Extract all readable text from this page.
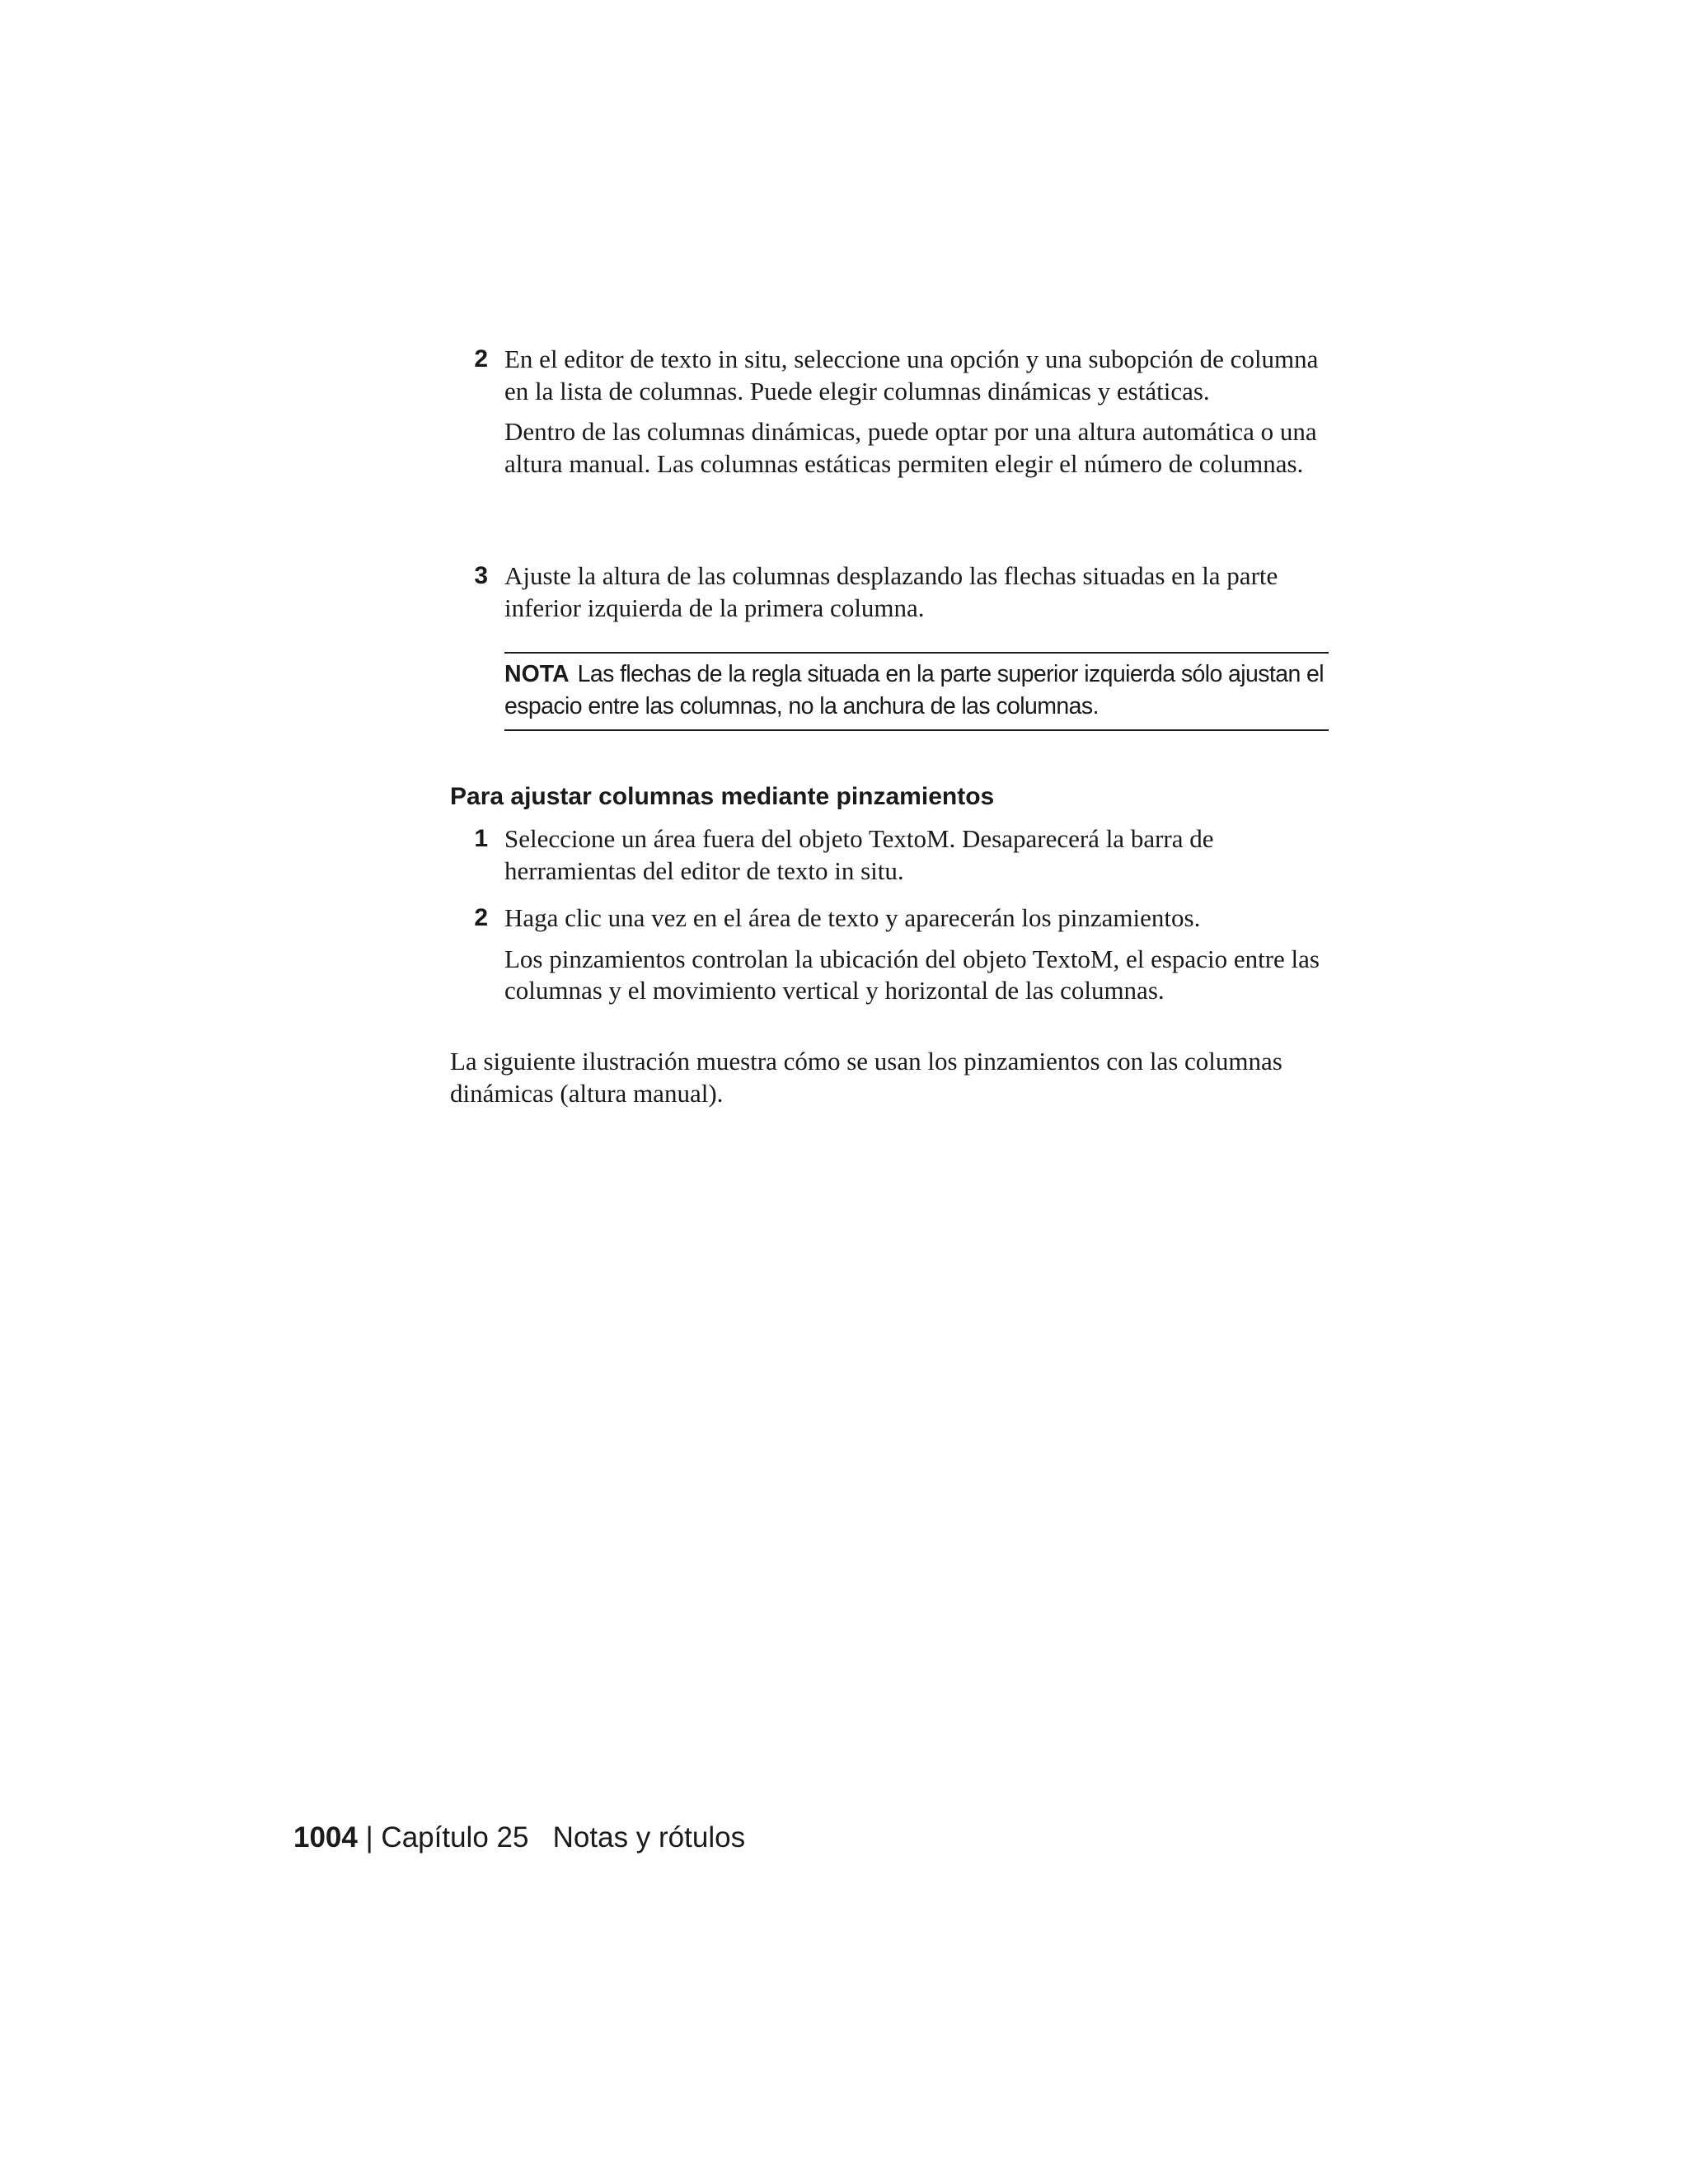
2 En el editor de texto in situ, seleccione una opción y una subopción de columna en la lista de columnas. Puede elegir columnas dinámicas y estáticas.

Dentro de las columnas dinámicas, puede optar por una altura automática o una altura manual. Las columnas estáticas permiten elegir el número de columnas.

3 Ajuste la altura de las columnas desplazando las flechas situadas en la parte inferior izquierda de la primera columna.

NOTA Las flechas de la regla situada en la parte superior izquierda sólo ajustan el espacio entre las columnas, no la anchura de las columnas.
Para ajustar columnas mediante pinzamientos
1 Seleccione un área fuera del objeto TextoM. Desaparecerá la barra de herramientas del editor de texto in situ.

2 Haga clic una vez en el área de texto y aparecerán los pinzamientos.

Los pinzamientos controlan la ubicación del objeto TextoM, el espacio entre las columnas y el movimiento vertical y horizontal de las columnas.

La siguiente ilustración muestra cómo se usan los pinzamientos con las columnas dinámicas (altura manual).

1004 | Capítulo 25 Notas y rótulos
